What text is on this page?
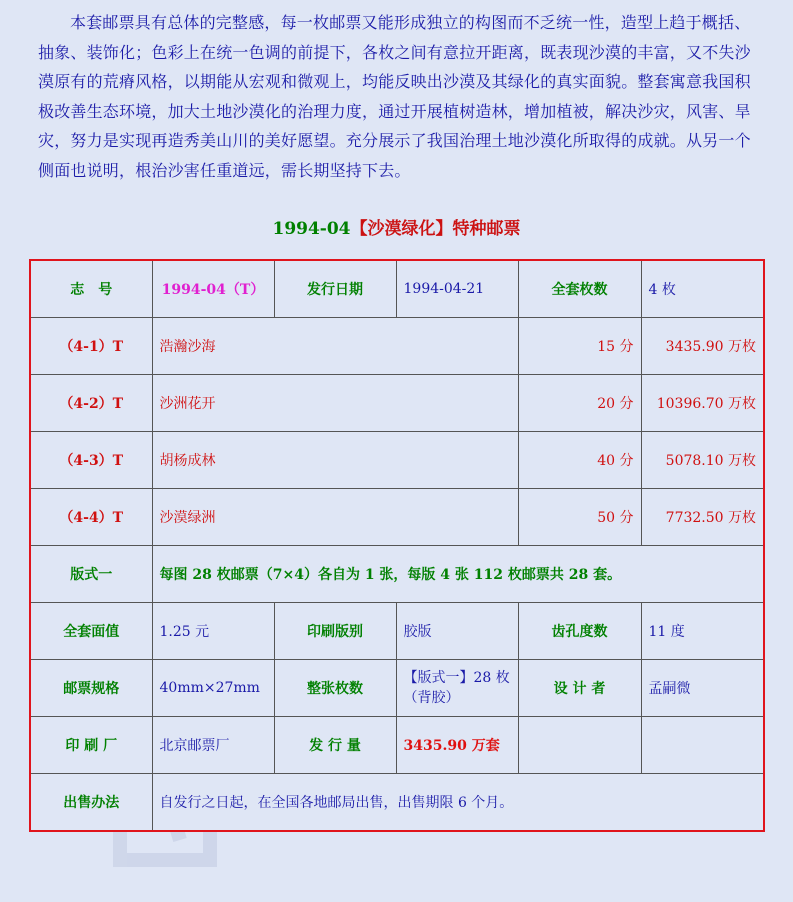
本套邮票具有总体的完整感，每一枚邮票又能形成独立的构图而不乏统一性，造型上趋于概括、抽象、装饰化；色彩上在统一色调的前提下，各枚之间有意拉开距离，既表现沙漠的丰富，又不失沙漠原有的荒瘠风格，以期能从宏观和微观上，均能反映出沙漠及其绿化的真实面貌。整套寓意我国积极改善生态环境，加大土地沙漠化的治理力度，通过开展植树造林，增加植被，解决沙灾，风害、旱灾，努力是实现再造秀美山川的美好愿望。充分展示了我国治理土地沙漠化所取得的成就。从另一个侧面也说明，根治沙害任重道远，需长期坚持下去。

1994-04【沙漠绿化】特种邮票
志　号	1994-04（T）	发行日期	1994-04-21	全套枚数	4 枚
（4-1）T	浩瀚沙海			15 分	3435.90 万枚
（4-2）T	沙洲花开			20 分	10396.70 万枚
（4-3）T	胡杨成林			40 分	5078.10 万枚
（4-4）T	沙漠绿洲			50 分	7732.50 万枚
版式一	每图 28 枚邮票（7×4）各自为 1 张，每版 4 张 112 枚邮票共 28 套。				
全套面值	1.25 元	印刷版别	胶版	齿孔度数	11 度
邮票规格	40mm×27mm	整张枚数	【版式一】28 枚（背胶）	设 计 者	孟嗣微
印 刷 厂	北京邮票厂	发 行 量	3435.90 万套		
出售办法	自发行之日起，在全国各地邮局出售，出售期限 6 个月。				
